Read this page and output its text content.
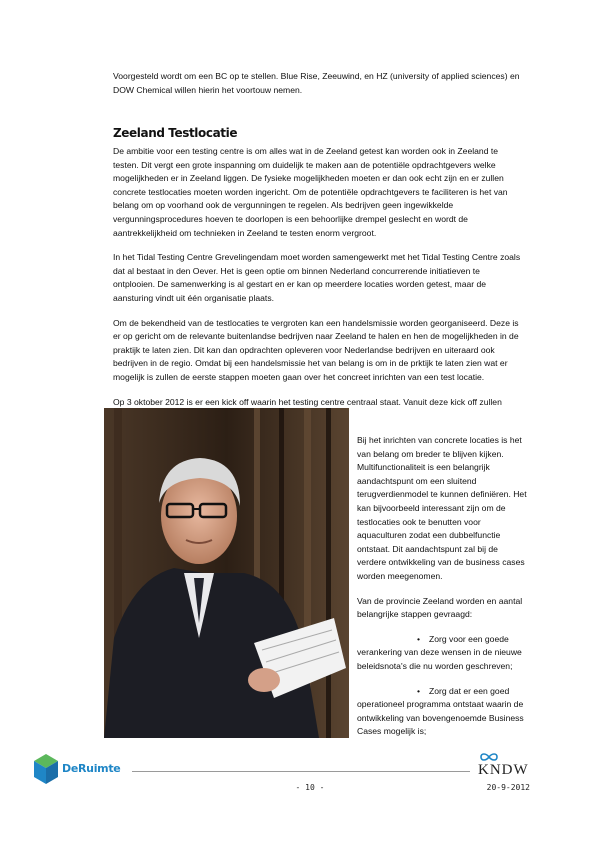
Voorgesteld wordt om een BC op te stellen. Blue Rise, Zeeuwind, en HZ (university of applied sciences) en DOW Chemical willen hierin het voortouw nemen.

Zeeland Testlocatie

De ambitie voor een testing centre is om alles wat in de Zeeland getest kan worden ook in Zeeland te testen. Dit vergt een grote inspanning om duidelijk te maken aan de potentiële opdrachtgevers welke mogelijkheden er in Zeeland liggen. De fysieke mogelijkheden moeten er dan ook echt zijn en er zullen concrete testlocaties moeten worden ingericht. Om de potentiële opdrachtgevers te faciliteren is het van belang om op voorhand ook de vergunningen te regelen. Als bedrijven geen ingewikkelde vergunningsprocedures hoeven te doorlopen is een behoorlijke drempel geslecht en wordt de aantrekkelijkheid om technieken in Zeeland te testen enorm vergroot.

In het Tidal Testing Centre Grevelingendam moet worden samengewerkt met het Tidal Testing Centre zoals dat al bestaat in den Oever. Het is geen optie om binnen Nederland concurrerende initiatieven te ontplooien. De samenwerking is al gestart en er kan op meerdere locaties worden getest, maar de aansturing vindt uit één organisatie plaats.

Om de bekendheid van de testlocaties te vergroten kan een handelsmissie worden georganiseerd. Deze is er op gericht om de relevante buitenlandse bedrijven naar Zeeland te halen en hen de mogelijkheden in de praktijk te laten zien. Dit kan dan opdrachten opleveren voor Nederlandse bedrijven en uiteraard ook bedrijven in de regio. Omdat bij een handelsmissie het van belang is om in de prktijk te laten zien wat er mogelijk is zullen de eerste stappen moeten gaan over het concreet inrichten van een test locatie.

Op 3 oktober 2012 is er een kick off waarin het testing centre centraal staat. Vanuit deze kick off zullen

Bij het inrichten van concrete locaties is het van belang om breder te blijven kijken. Multifunctionaliteit is een belangrijk aandachtspunt om een sluitend terugverdienmodel te kunnen definiëren. Het kan bijvoorbeeld interessant zijn om de testlocaties ook te benutten voor aquaculturen zodat een dubbelfunctie ontstaat. Dit aandachtspunt zal bij de verdere ontwikkeling van de business cases worden meegenomen.

Van de provincie Zeeland worden en aantal belangrijke stappen gevraagd:

•	Zorg voor een goede verankering van deze wensen in de nieuwe beleidsnota's die nu worden geschreven;

•	Zorg dat er een goed operationeel programma ontstaat waarin de ontwikkeling van bovengenoemde Business Cases mogelijk is;

DeRuimte	KNDW
- 10 -	20-9-2012
